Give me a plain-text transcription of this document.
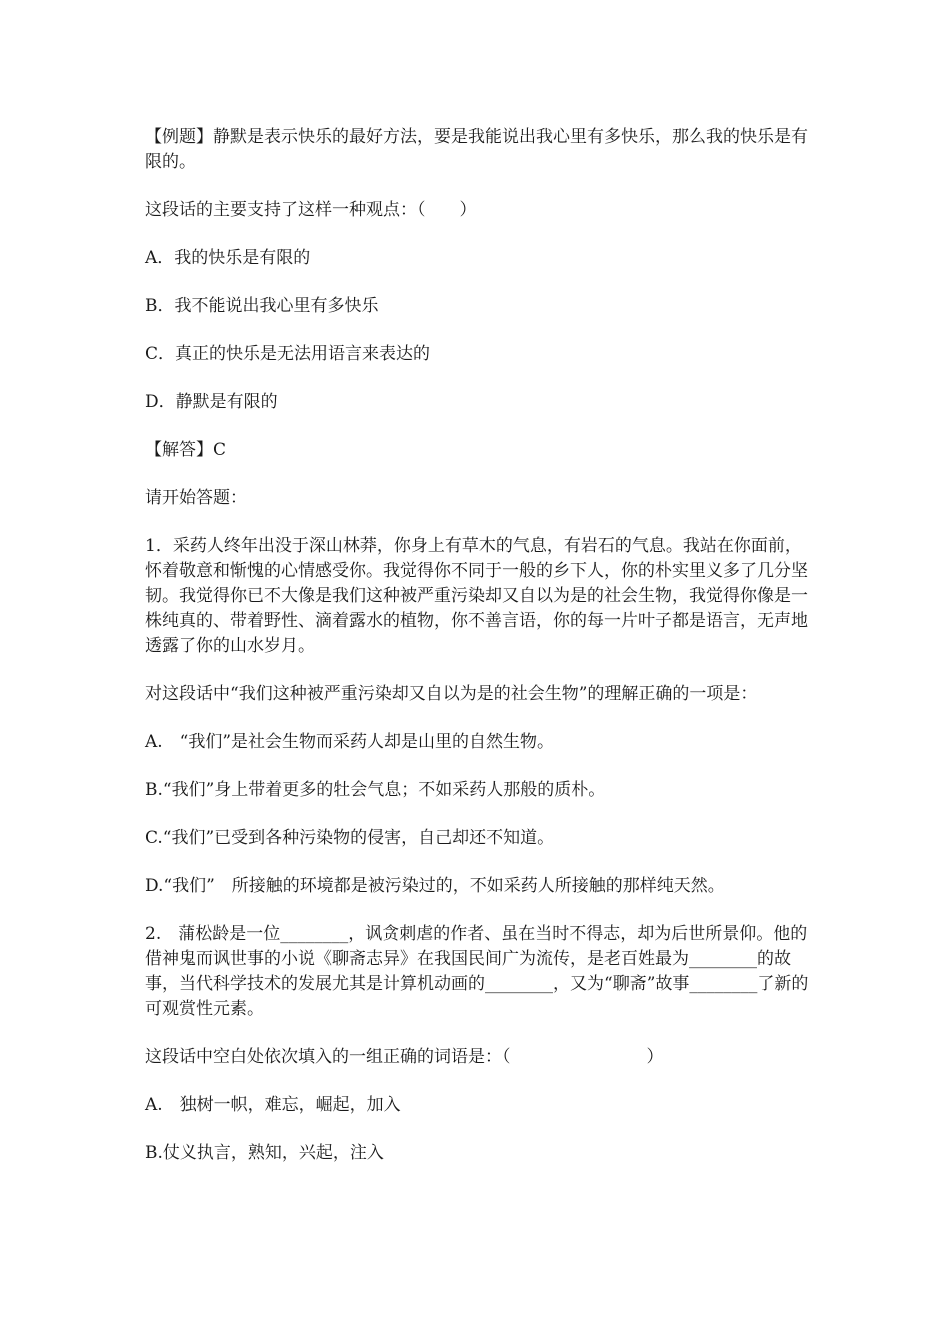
【例题】静默是表示快乐的最好方法，要是我能说出我心里有多快乐，那么我的快乐是有限的。

这段话的主要支持了这样一种观点：（　　）

A．我的快乐是有限的

B．我不能说出我心里有多快乐

C．真正的快乐是无法用语言来表达的

D．静默是有限的

【解答】C

请开始答题：

1．采药人终年出没于深山林莽，你身上有草木的气息，有岩石的气息。我站在你面前，怀着敬意和惭愧的心情感受你。我觉得你不同于一般的乡下人，你的朴实里义多了几分坚韧。我觉得你已不大像是我们这种被严重污染却又自以为是的社会生物，我觉得你像是一株纯真的、带着野性、滴着露水的植物，你不善言语，你的每一片叶子都是语言，无声地透露了你的山水岁月。

对这段话中“我们这种被严重污染却又自以为是的社会生物”的理解正确的一项是：

A.　“我们”是社会生物而采药人却是山里的自然生物。

B.“我们”身上带着更多的牡会气息；不如采药人那般的质朴。

C.“我们”已受到各种污染物的侵害，自己却还不知道。

D.“我们”　所接触的环境都是被污染过的，不如采药人所接触的那样纯天然。

2.　蒲松龄是一位________，讽贪刺虐的作者、虽在当时不得志，却为后世所景仰。他的借神鬼而讽世事的小说《聊斋志异》在我国民间广为流传，是老百姓最为________的故事，当代科学技术的发展尤其是计算机动画的________，又为“聊斋”故事________了新的可观赏性元素。

这段话中空白处依次填入的一组正确的词语是：（　　　　　　　　）

A.　独树一帜，难忘，崛起，加入

B.仗义执言，熟知，兴起，注入
